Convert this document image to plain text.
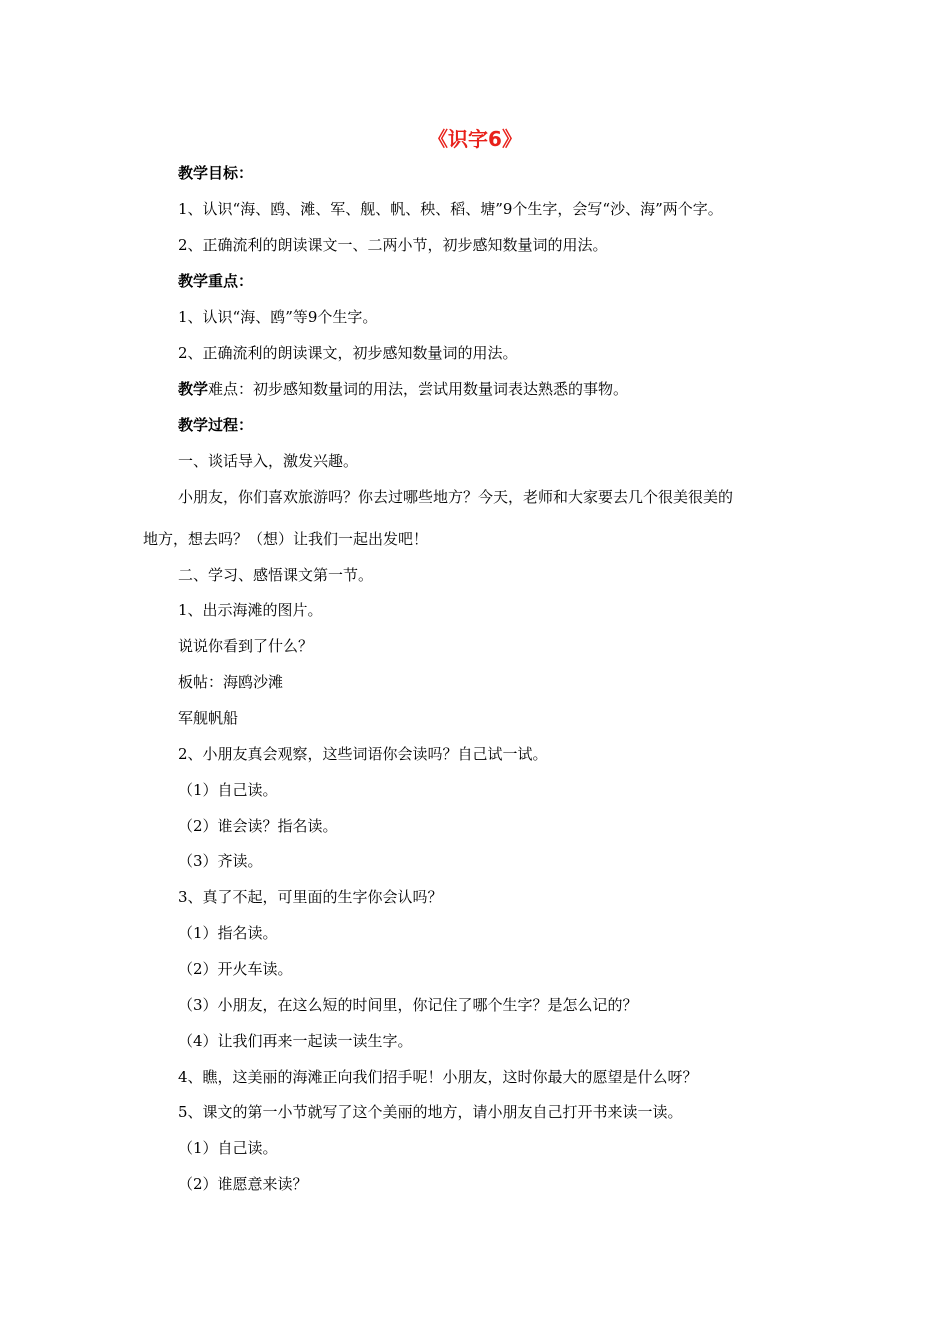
《识字6》
教学目标：
1、认识“海、鸥、滩、军、舰、帆、秧、稻、塘”9个生字，会写“沙、海”两个字。
2、正确流利的朗读课文一、二两小节，初步感知数量词的用法。
教学重点：
1、认识“海、鸥”等9个生字。
2、正确流利的朗读课文，初步感知数量词的用法。
教学难点：初步感知数量词的用法，尝试用数量词表达熟悉的事物。
教学过程：
一、谈话导入，激发兴趣。
小朋友，你们喜欢旅游吗？你去过哪些地方？今天，老师和大家要去几个很美很美的
地方，想去吗？（想）让我们一起出发吧！
二、学习、感悟课文第一节。
1、出示海滩的图片。
说说你看到了什么？
板帖：海鸥沙滩
军舰帆船
2、小朋友真会观察，这些词语你会读吗？自己试一试。
（1）自己读。
（2）谁会读？指名读。
（3）齐读。
3、真了不起，可里面的生字你会认吗？
（1）指名读。
（2）开火车读。
（3）小朋友，在这么短的时间里，你记住了哪个生字？是怎么记的？
（4）让我们再来一起读一读生字。
4、瞧，这美丽的海滩正向我们招手呢！小朋友，这时你最大的愿望是什么呀？
5、课文的第一小节就写了这个美丽的地方，请小朋友自己打开书来读一读。
（1）自己读。
（2）谁愿意来读？
